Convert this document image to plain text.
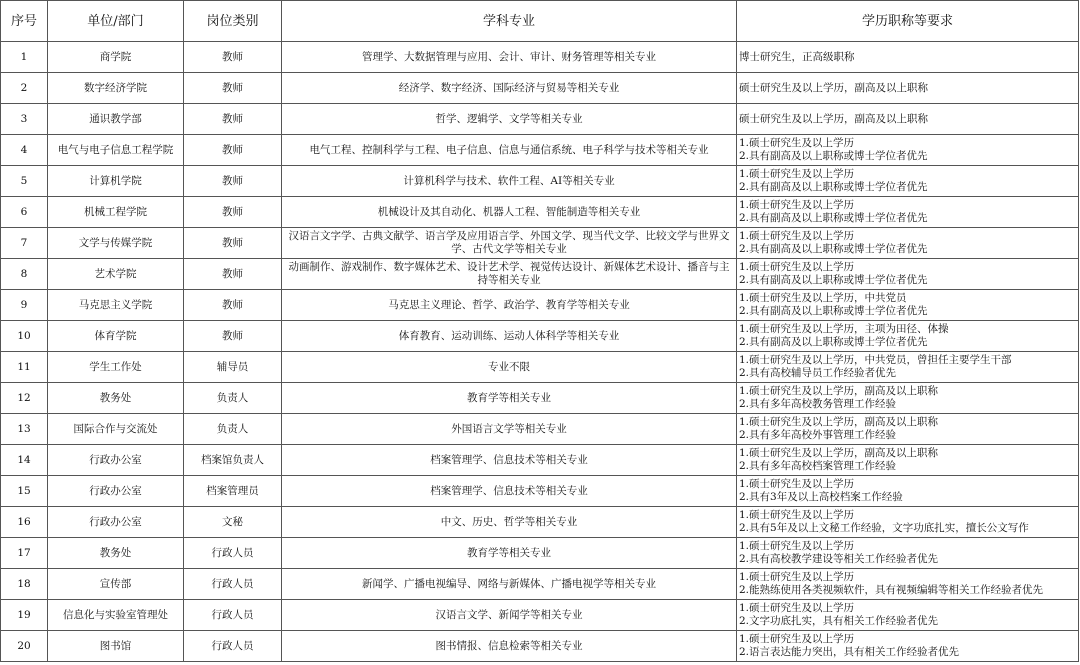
序号	单位/部门	岗位类别	学科专业	学历职称等要求
1	商学院	教师	管理学、大数据管理与应用、会计、审计、财务管理等相关专业	博士研究生，正高级职称

2	数字经济学院	教师	经济学、数字经济、国际经济与贸易等相关专业	硕士研究生及以上学历，副高及以上职称

3	通识教学部	教师	哲学、逻辑学、文学等相关专业	硕士研究生及以上学历，副高及以上职称

4	电气与电子信息工程学院	教师	电气工程、控制科学与工程、电子信息、信息与通信系统、电子科学与技术等相关专业	1.硕士研究生及以上学历
2.具有副高及以上职称或博士学位者优先

5	计算机学院	教师	计算机科学与技术、软件工程、AI等相关专业	1.硕士研究生及以上学历
2.具有副高及以上职称或博士学位者优先

6	机械工程学院	教师	机械设计及其自动化、机器人工程、智能制造等相关专业	1.硕士研究生及以上学历
2.具有副高及以上职称或博士学位者优先

7	文学与传媒学院	教师	汉语言文字学、古典文献学、语言学及应用语言学、外国文学、现当代文学、比较文学与世界文学、古代文学等相关专业	1.硕士研究生及以上学历
2.具有副高及以上职称或博士学位者优先

8	艺术学院	教师	动画制作、游戏制作、数字媒体艺术、设计艺术学、视觉传达设计、新媒体艺术设计、播音与主持等相关专业	1.硕士研究生及以上学历
2.具有副高及以上职称或博士学位者优先

9	马克思主义学院	教师	马克思主义理论、哲学、政治学、教育学等相关专业	1.硕士研究生及以上学历，中共党员
2.具有副高及以上职称或博士学位者优先

10	体育学院	教师	体育教育、运动训练、运动人体科学等相关专业	1.硕士研究生及以上学历，主项为田径、体操
2.具有副高及以上职称或博士学位者优先

11	学生工作处	辅导员	专业不限	1.硕士研究生及以上学历，中共党员，曾担任主要学生干部
2.具有高校辅导员工作经验者优先

12	教务处	负责人	教育学等相关专业	1.硕士研究生及以上学历，副高及以上职称
2.具有多年高校教务管理工作经验

13	国际合作与交流处	负责人	外国语言文学等相关专业	1.硕士研究生及以上学历，副高及以上职称
2.具有多年高校外事管理工作经验

14	行政办公室	档案馆负责人	档案管理学、信息技术等相关专业	1.硕士研究生及以上学历，副高及以上职称
2.具有多年高校档案管理工作经验

15	行政办公室	档案管理员	档案管理学、信息技术等相关专业	1.硕士研究生及以上学历
2.具有3年及以上高校档案工作经验

16	行政办公室	文秘	中文、历史、哲学等相关专业	1.硕士研究生及以上学历
2.具有5年及以上文秘工作经验，文字功底扎实，擅长公文写作

17	教务处	行政人员	教育学等相关专业	1.硕士研究生及以上学历
2.具有高校教学建设等相关工作经验者优先

18	宣传部	行政人员	新闻学、广播电视编导、网络与新媒体、广播电视学等相关专业	1.硕士研究生及以上学历
2.能熟练使用各类视频软件，具有视频编辑等相关工作经验者优先

19	信息化与实验室管理处	行政人员	汉语言文学、新闻学等相关专业	1.硕士研究生及以上学历
2.文字功底扎实，具有相关工作经验者优先

20	图书馆	行政人员	图书情报、信息检索等相关专业	1.硕士研究生及以上学历
2.语言表达能力突出，具有相关工作经验者优先
